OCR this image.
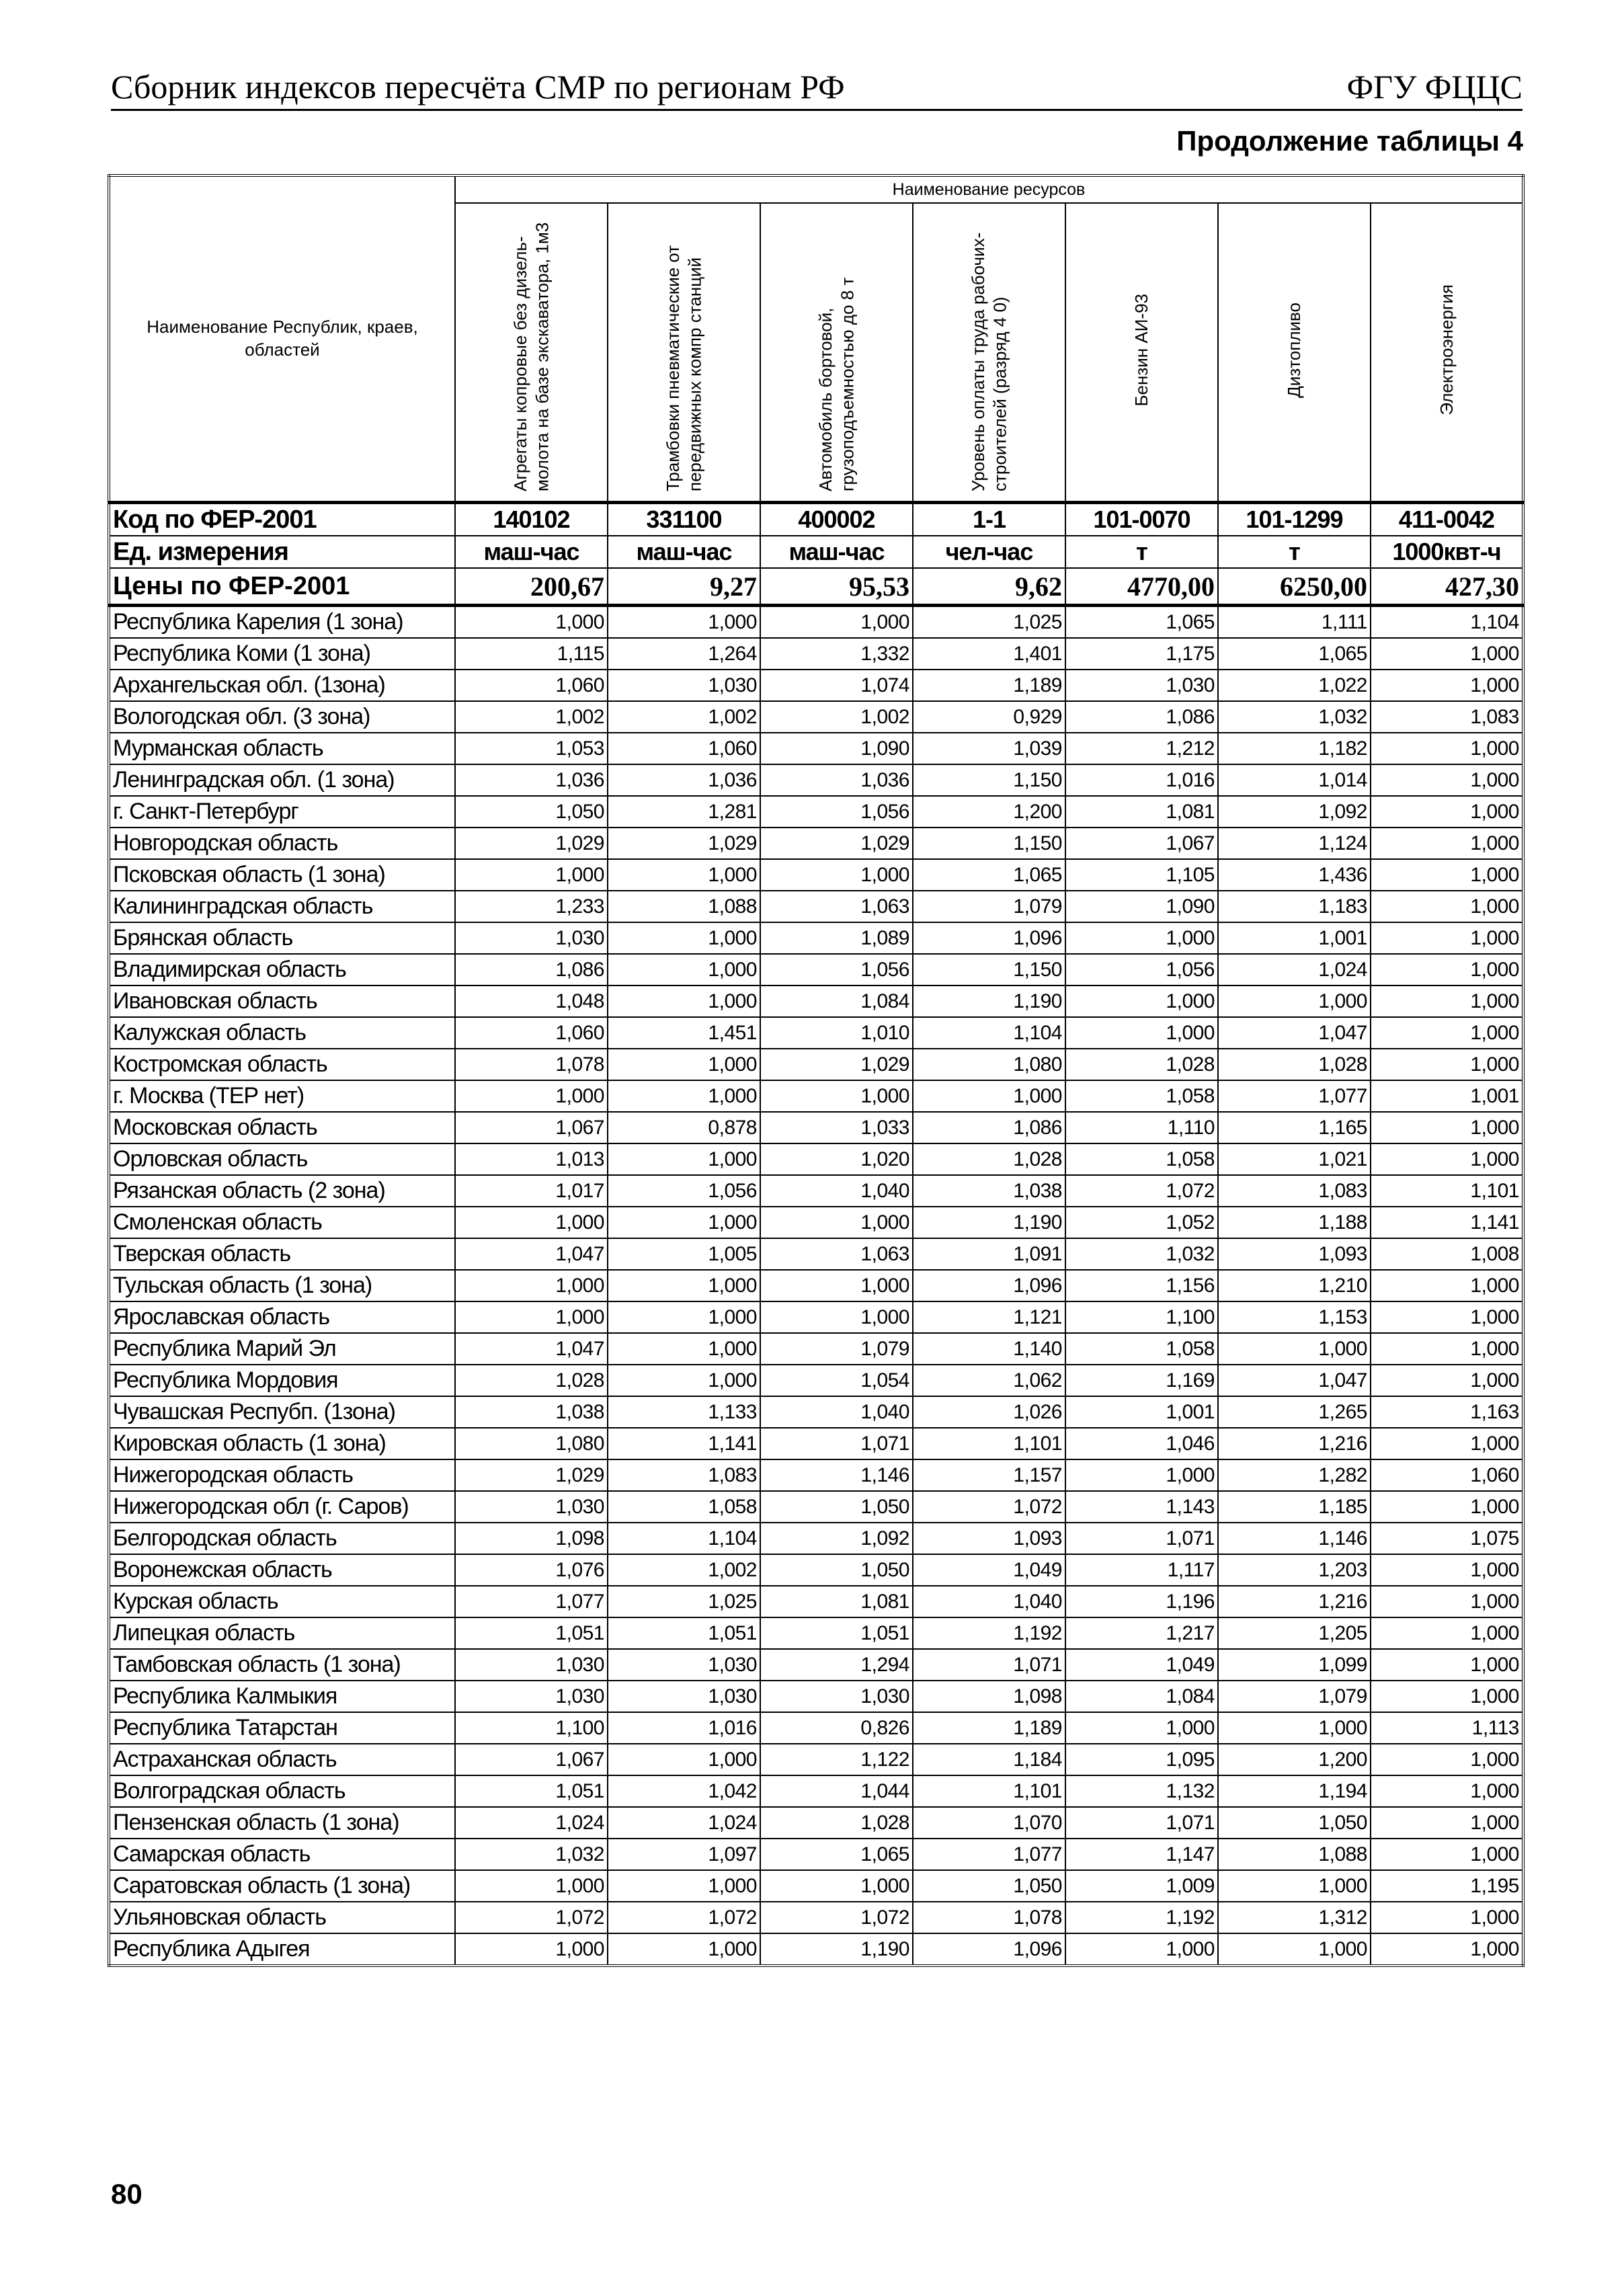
Сборник индексов пересчёта СМР по регионам РФ	ФГУ ФЦЦС
Продолжение таблицы 4
Наименование Республик, краев, областей	Наименование ресурсов						
	Агрегаты копровые без дизель-молота на базе экскаватора, 1м3	Трамбовки пневматические от передвижных компр станций	Автомобиль бортовой, грузоподъемностью до 8 т	Уровень оплаты труда рабочих-строителей (разряд 4 0)	Бензин АИ-93	Дизтопливо	Электроэнергия
Код по ФЕР-2001	140102	331100	400002	1-1	101-0070	101-1299	411-0042
Ед. измерения	маш-час	маш-час	маш-час	чел-час	т	т	1000квт-ч
Цены по ФЕР-2001	200,67	9,27	95,53	9,62	4770,00	6250,00	427,30
Республика Карелия (1 зона)	1,000	1,000	1,000	1,025	1,065	1,111	1,104
Республика Коми (1 зона)	1,115	1,264	1,332	1,401	1,175	1,065	1,000
Архангельская обл. (1зона)	1,060	1,030	1,074	1,189	1,030	1,022	1,000
Вологодская обл. (3 зона)	1,002	1,002	1,002	0,929	1,086	1,032	1,083
Мурманская область	1,053	1,060	1,090	1,039	1,212	1,182	1,000
Ленинградская обл. (1 зона)	1,036	1,036	1,036	1,150	1,016	1,014	1,000
г. Санкт-Петербург	1,050	1,281	1,056	1,200	1,081	1,092	1,000
Новгородская область	1,029	1,029	1,029	1,150	1,067	1,124	1,000
Псковская область (1 зона)	1,000	1,000	1,000	1,065	1,105	1,436	1,000
Калининградская область	1,233	1,088	1,063	1,079	1,090	1,183	1,000
Брянская область	1,030	1,000	1,089	1,096	1,000	1,001	1,000
Владимирская область	1,086	1,000	1,056	1,150	1,056	1,024	1,000
Ивановская область	1,048	1,000	1,084	1,190	1,000	1,000	1,000
Калужская область	1,060	1,451	1,010	1,104	1,000	1,047	1,000
Костромская область	1,078	1,000	1,029	1,080	1,028	1,028	1,000
г. Москва (ТЕР нет)	1,000	1,000	1,000	1,000	1,058	1,077	1,001
Московская область	1,067	0,878	1,033	1,086	1,110	1,165	1,000
Орловская область	1,013	1,000	1,020	1,028	1,058	1,021	1,000
Рязанская область (2 зона)	1,017	1,056	1,040	1,038	1,072	1,083	1,101
Смоленская область	1,000	1,000	1,000	1,190	1,052	1,188	1,141
Тверская область	1,047	1,005	1,063	1,091	1,032	1,093	1,008
Тульская область (1 зона)	1,000	1,000	1,000	1,096	1,156	1,210	1,000
Ярославская область	1,000	1,000	1,000	1,121	1,100	1,153	1,000
Республика Марий Эл	1,047	1,000	1,079	1,140	1,058	1,000	1,000
Республика Мордовия	1,028	1,000	1,054	1,062	1,169	1,047	1,000
Чувашская Респубп. (1зона)	1,038	1,133	1,040	1,026	1,001	1,265	1,163
Кировская область (1 зона)	1,080	1,141	1,071	1,101	1,046	1,216	1,000
Нижегородская область	1,029	1,083	1,146	1,157	1,000	1,282	1,060
Нижегородская обл (г. Саров)	1,030	1,058	1,050	1,072	1,143	1,185	1,000
Белгородская область	1,098	1,104	1,092	1,093	1,071	1,146	1,075
Воронежская область	1,076	1,002	1,050	1,049	1,117	1,203	1,000
Курская область	1,077	1,025	1,081	1,040	1,196	1,216	1,000
Липецкая область	1,051	1,051	1,051	1,192	1,217	1,205	1,000
Тамбовская область (1 зона)	1,030	1,030	1,294	1,071	1,049	1,099	1,000
Республика Калмыкия	1,030	1,030	1,030	1,098	1,084	1,079	1,000
Республика Татарстан	1,100	1,016	0,826	1,189	1,000	1,000	1,113
Астраханская область	1,067	1,000	1,122	1,184	1,095	1,200	1,000
Волгоградская область	1,051	1,042	1,044	1,101	1,132	1,194	1,000
Пензенская область (1 зона)	1,024	1,024	1,028	1,070	1,071	1,050	1,000
Самарская область	1,032	1,097	1,065	1,077	1,147	1,088	1,000
Саратовская область (1 зона)	1,000	1,000	1,000	1,050	1,009	1,000	1,195
Ульяновская область	1,072	1,072	1,072	1,078	1,192	1,312	1,000
Республика Адыгея	1,000	1,000	1,190	1,096	1,000	1,000	1,000
80
